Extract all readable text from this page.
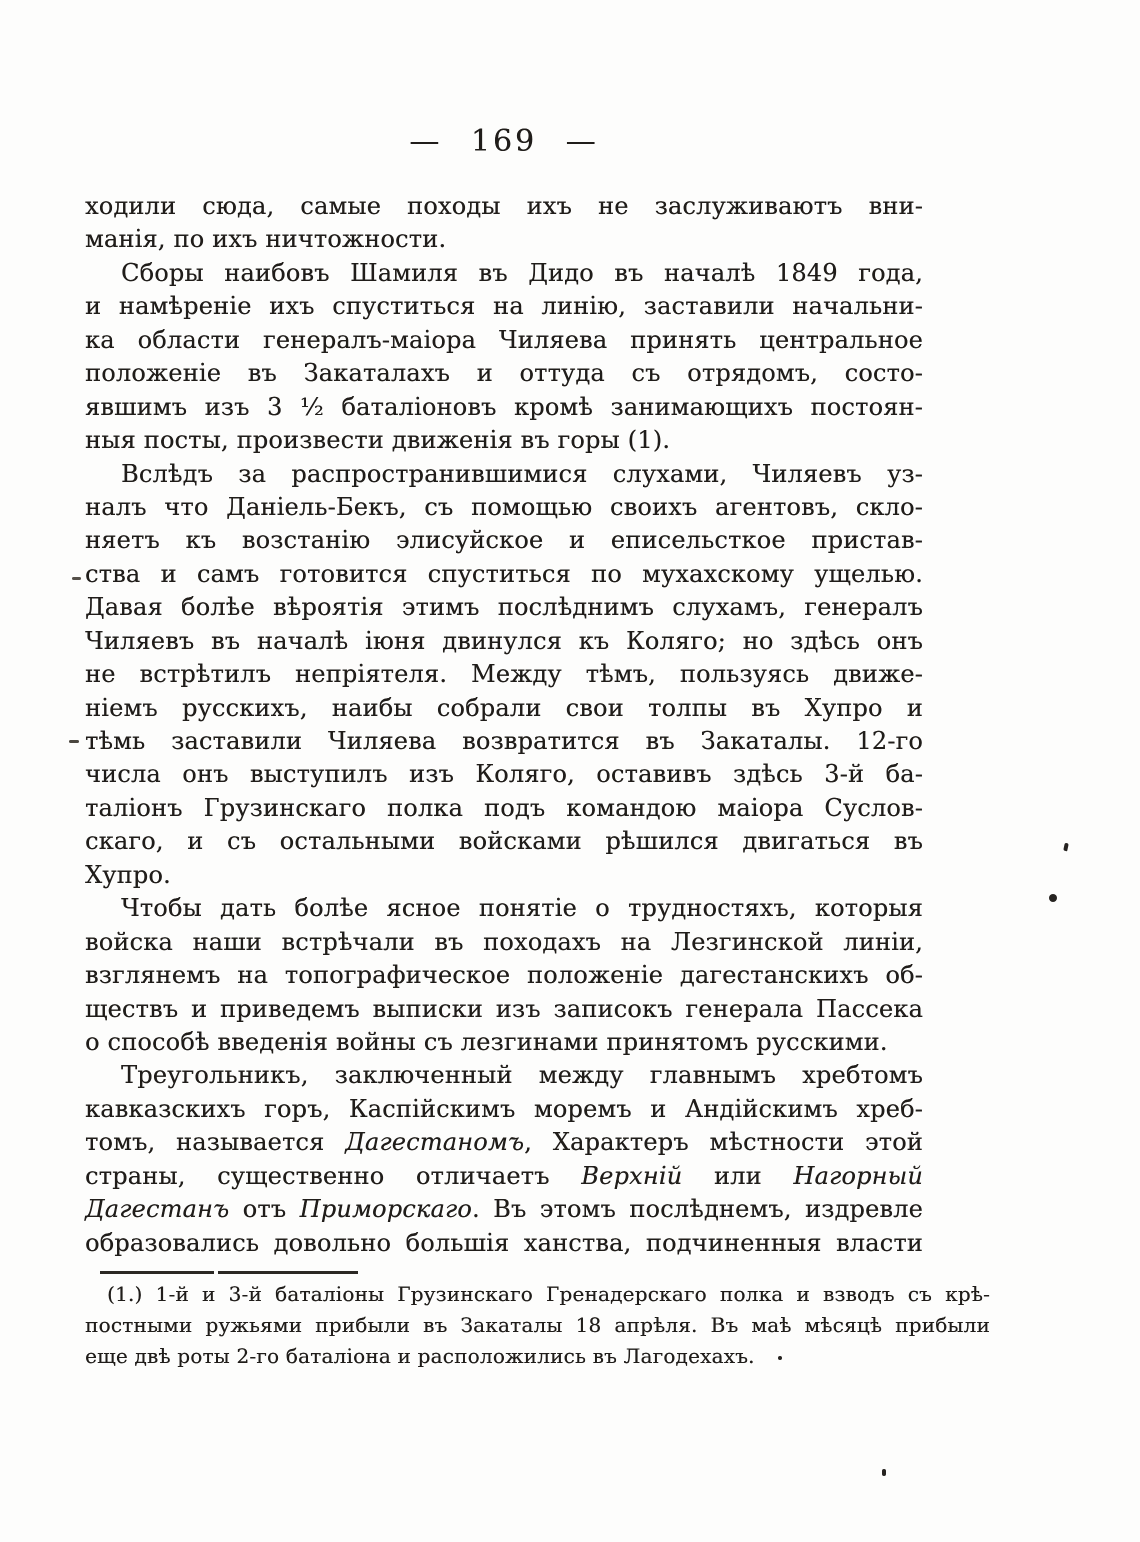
— 169 —
ходили сюда, самые походы ихъ не заслуживаютъ вни-
манія, по ихъ ничтожности.
Сборы наибовъ Шамиля въ Дидо въ началѣ 1849 года,
и намѣреніе ихъ спуститься на линію, заставили начальни-
ка области генералъ-маіора Чиляева принять центральное
положеніе въ Закаталахъ и оттуда съ отрядомъ, состо-
явшимъ изъ 3 ¹⁄₂ баталіоновъ кромѣ занимающихъ постоян-
ныя посты, произвести движенія въ горы (1).
Вслѣдъ за распространившимися слухами, Чиляевъ уз-
налъ что Даніель-Бекъ, съ помощью своихъ агентовъ, скло-
няетъ къ возстанію элисуйское и еписельсткое пристав-
ства и самъ готовится спуститься по мухахскому ущелью.
Давая болѣе вѣроятія этимъ послѣднимъ слухамъ, генералъ
Чиляевъ въ началѣ іюня двинулся къ Коляго; но здѣсь онъ
не встрѣтилъ непріятеля. Между тѣмъ, пользуясь движе-
ніемъ русскихъ, наибы собрали свои толпы въ Хупро и
тѣмь заставили Чиляева возвратится въ Закаталы. 12-го
числа онъ выступилъ изъ Коляго, оставивъ здѣсь 3-й ба-
таліонъ Грузинскаго полка подъ командою маіора Суслов-
скаго, и съ остальными войсками рѣшился двигаться въ
Хупро.
Чтобы дать болѣе ясное понятіе о трудностяхъ, которыя
войска наши встрѣчали въ походахъ на Лезгинской линіи,
взглянемъ на топографическое положеніе дагестанскихъ об-
ществъ и приведемъ выписки изъ записокъ генерала Пассека
о способѣ введенія войны съ лезгинами принятомъ русскими.
Треугольникъ, заключенный между главнымъ хребтомъ
кавказскихъ горъ, Каспійскимъ моремъ и Андійскимъ хреб-
томъ, называется Дагестаномъ, Характеръ мѣстности этой
страны, существенно отличаетъ Верхній или Нагорный
Дагестанъ отъ Приморскаго. Въ этомъ послѣднемъ, издревле
образовались довольно большія ханства, подчиненныя власти
(1.) 1-й и 3-й баталіоны Грузинскаго Гренадерскаго полка и взводъ съ крѣ-
постными ружьями прибыли въ Закаталы 18 апрѣля. Въ маѣ мѣсяцѣ прибыли
еще двѣ роты 2-го баталіона и расположились въ Лагодехахъ.
